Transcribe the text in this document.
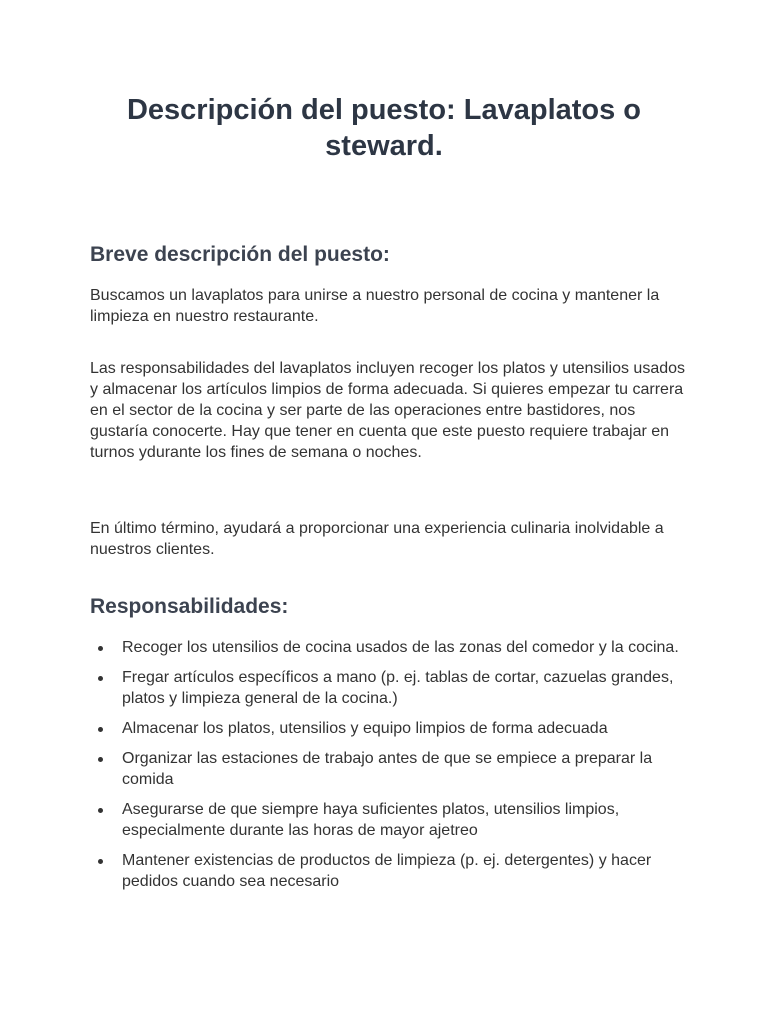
Descripción del puesto: Lavaplatos o steward.
Breve descripción del puesto:

Buscamos un lavaplatos para unirse a nuestro personal de cocina y mantener la limpieza en nuestro restaurante.

Las responsabilidades del lavaplatos incluyen recoger los platos y utensilios usados y almacenar los artículos limpios de forma adecuada. Si quieres empezar tu carrera en el sector de la cocina y ser parte de las operaciones entre bastidores, nos gustaría conocerte. Hay que tener en cuenta que este puesto requiere trabajar en turnos ydurante los fines de semana o noches.

En último término, ayudará a proporcionar una experiencia culinaria inolvidable a nuestros clientes.

Responsabilidades:
Recoger los utensilios de cocina usados de las zonas del comedor y la cocina.
Fregar artículos específicos a mano (p. ej. tablas de cortar, cazuelas grandes, platos y limpieza general de la cocina.)
Almacenar los platos, utensilios y equipo limpios de forma adecuada
Organizar las estaciones de trabajo antes de que se empiece a preparar la comida
Asegurarse de que siempre haya suficientes platos, utensilios limpios, especialmente durante las horas de mayor ajetreo
Mantener existencias de productos de limpieza (p. ej. detergentes) y hacer pedidos cuando sea necesario
